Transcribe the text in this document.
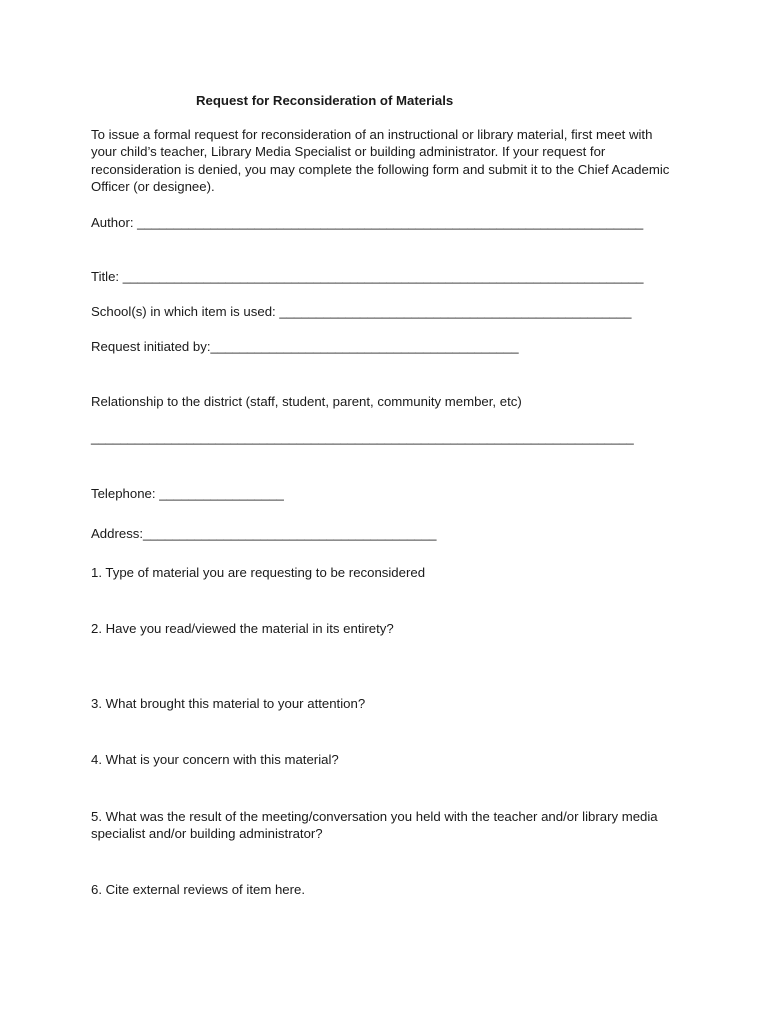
Request for Reconsideration of Materials
To issue a formal request for reconsideration of an instructional or library material, first meet with
your child’s teacher, Library Media Specialist or building administrator. If your request for
reconsideration is denied, you may complete the following form and submit it to the Chief Academic
Officer (or designee).
Author: _____________________________________________________________________
Title: _______________________________________________________________________
School(s) in which item is used: ________________________________________________
Request initiated by:__________________________________________
Relationship to the district (staff, student, parent, community member, etc)
__________________________________________________________________________
Telephone: _________________
Address:________________________________________
1. Type of material you are requesting to be reconsidered
2. Have you read/viewed the material in its entirety?
3. What brought this material to your attention?
4. What is your concern with this material?
5. What was the result of the meeting/conversation you held with the teacher and/or library media
specialist and/or building administrator?
6. Cite external reviews of item here.
